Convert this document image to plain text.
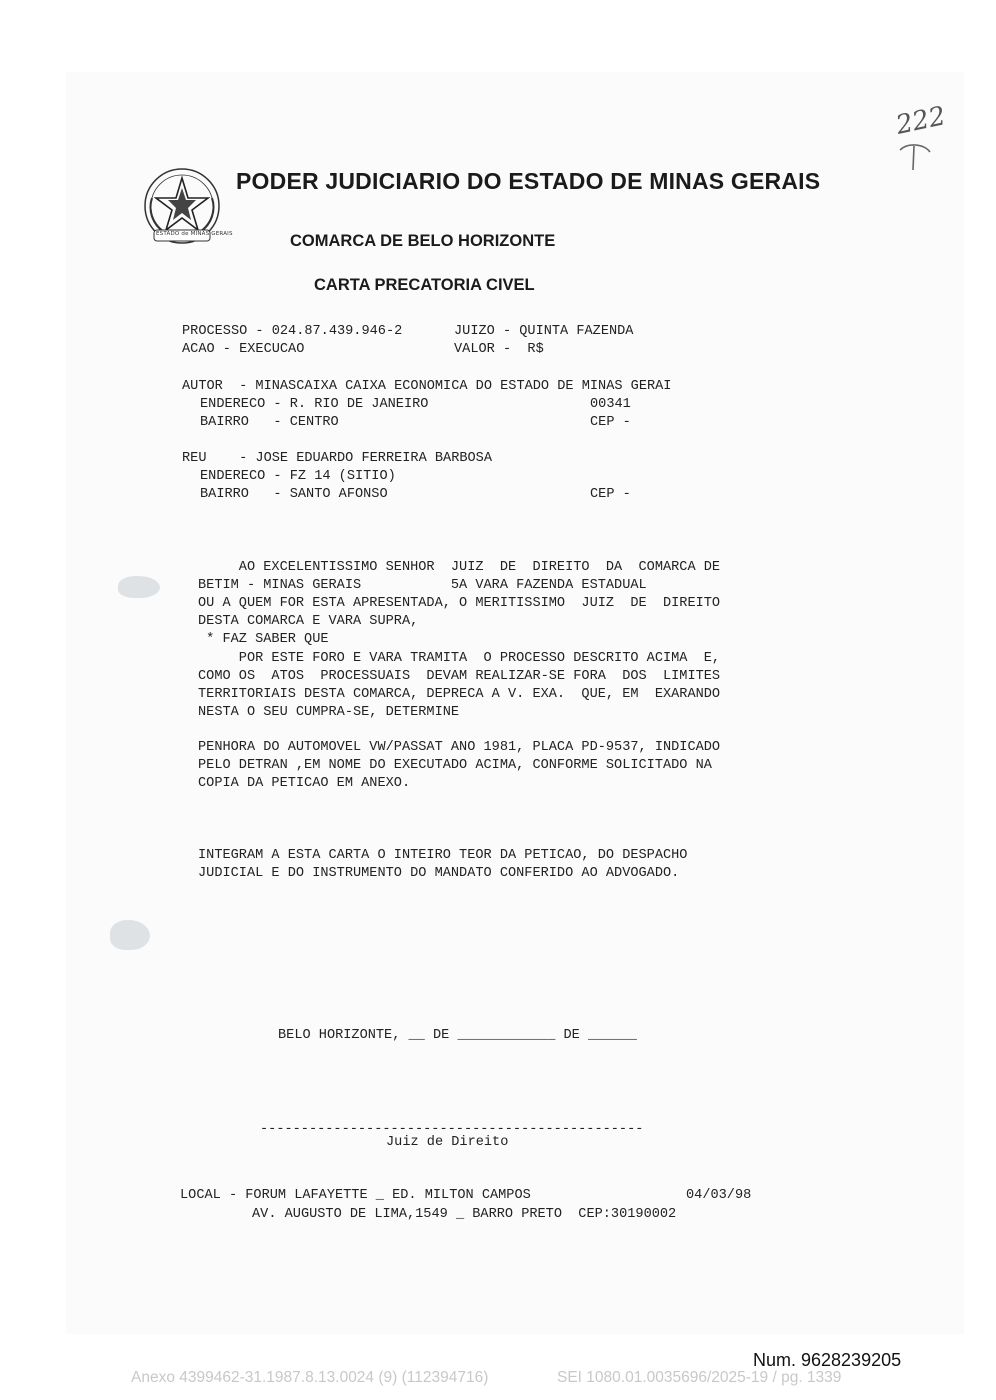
222
ESTADO de MINAS GERAIS
PODER JUDICIARIO DO ESTADO DE MINAS GERAIS
COMARCA DE BELO HORIZONTE
CARTA PRECATORIA CIVEL
PROCESSO - 024.87.439.946-2	JUIZO - QUINTA FAZENDA
ACAO - EXECUCAO	VALOR -  R$
AUTOR  - MINASCAIXA CAIXA ECONOMICA DO ESTADO DE MINAS GERAI
ENDERECO - R. RIO DE JANEIRO	00341
BAIRRO   - CENTRO	CEP -
REU    - JOSE EDUARDO FERREIRA BARBOSA
ENDERECO - FZ 14 (SITIO)
BAIRRO   - SANTO AFONSO	CEP -
AO EXCELENTISSIMO SENHOR  JUIZ  DE  DIREITO  DA  COMARCA DE
BETIM - MINAS GERAIS           5A VARA FAZENDA ESTADUAL
OU A QUEM FOR ESTA APRESENTADA, O MERITISSIMO  JUIZ  DE  DIREITO
DESTA COMARCA E VARA SUPRA,
* FAZ SABER QUE
POR ESTE FORO E VARA TRAMITA  O PROCESSO DESCRITO ACIMA  E,
COMO OS  ATOS  PROCESSUAIS  DEVAM REALIZAR-SE FORA  DOS  LIMITES
TERRITORIAIS DESTA COMARCA, DEPRECA A V. EXA.  QUE, EM  EXARANDO
NESTA O SEU CUMPRA-SE, DETERMINE
PENHORA DO AUTOMOVEL VW/PASSAT ANO 1981, PLACA PD-9537, INDICADO
PELO DETRAN ,EM NOME DO EXECUTADO ACIMA, CONFORME SOLICITADO NA
COPIA DA PETICAO EM ANEXO.
INTEGRAM A ESTA CARTA O INTEIRO TEOR DA PETICAO, DO DESPACHO
JUDICIAL E DO INSTRUMENTO DO MANDATO CONFERIDO AO ADVOGADO.
BELO HORIZONTE, __ DE ____________ DE ______
-----------------------------------------------
Juiz de Direito
LOCAL - FORUM LAFAYETTE _ ED. MILTON CAMPOS	04/03/98
AV. AUGUSTO DE LIMA,1549 _ BARRO PRETO  CEP:30190002
Num. 9628239205
Anexo 4399462-31.1987.8.13.0024 (9) (112394716)	SEI 1080.01.0035696/2025-19 / pg. 1339
